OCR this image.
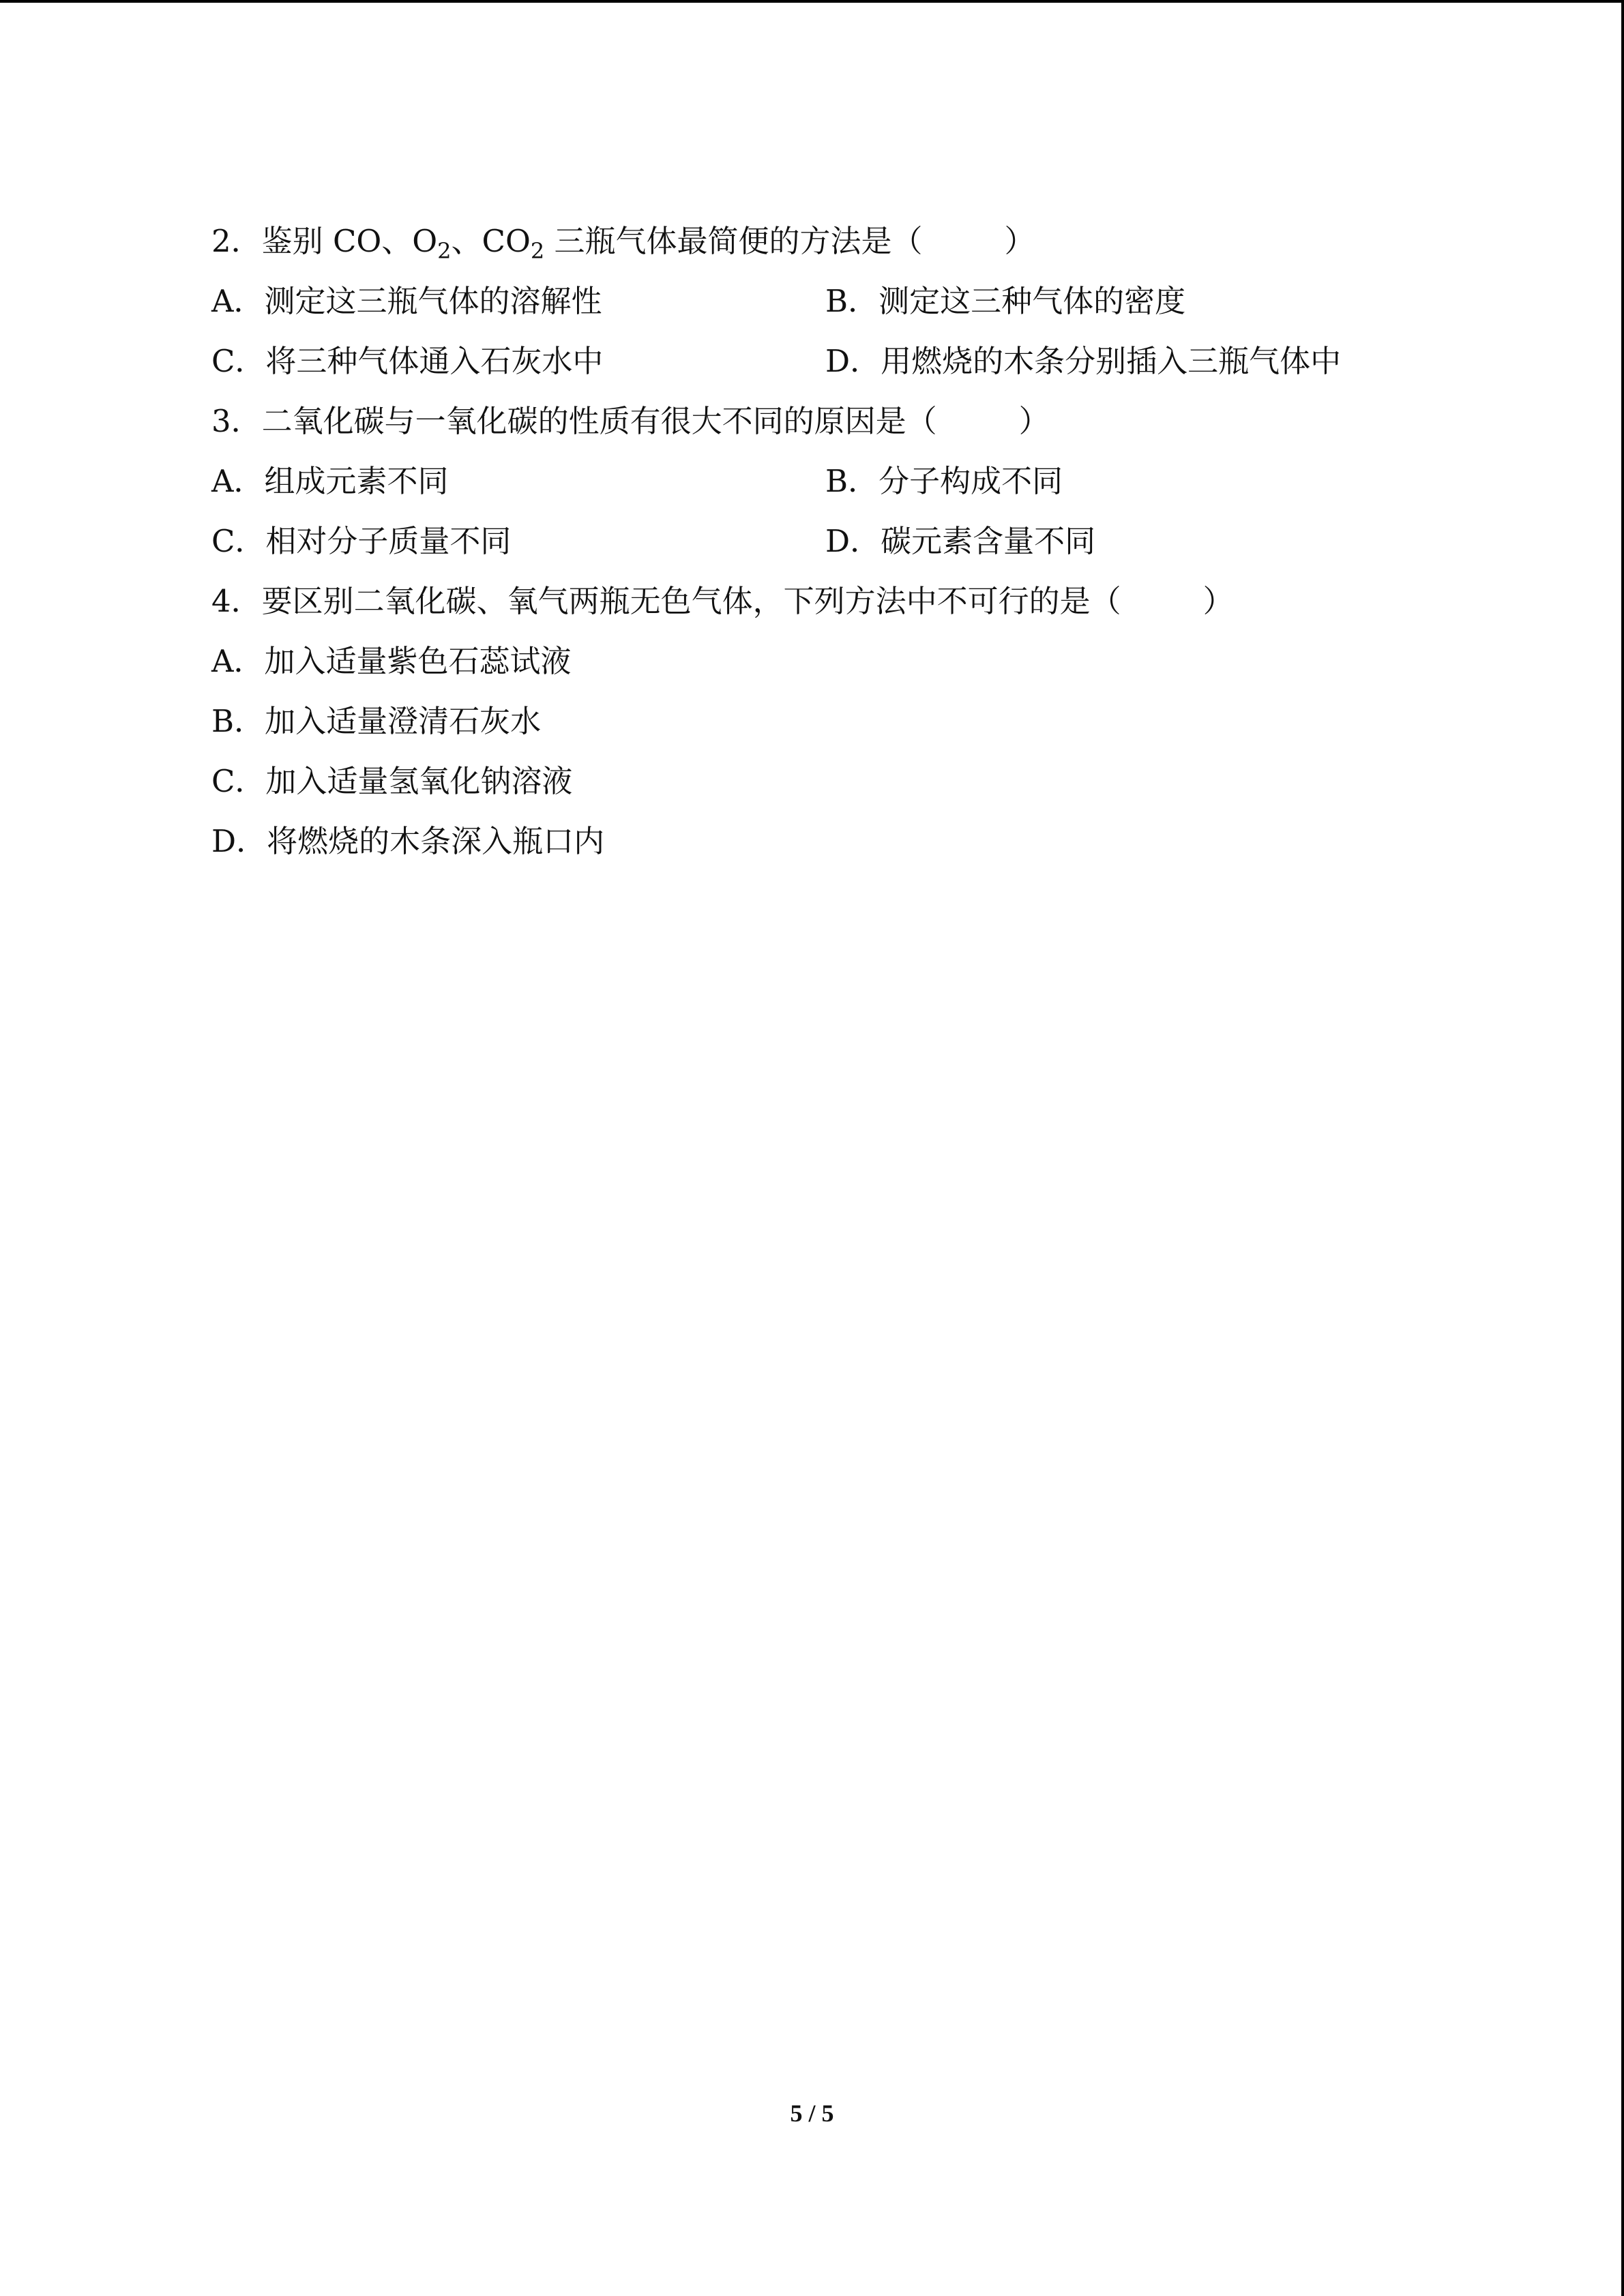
2．鉴别 CO、$O_2$、$CO_2$ 三瓶气体最简便的方法是（	）
A．测定这三瓶气体的溶解性	B．测定这三种气体的密度
C．将三种气体通入石灰水中	D．用燃烧的木条分别插入三瓶气体中
3．二氧化碳与一氧化碳的性质有很大不同的原因是（	）
A．组成元素不同	B．分子构成不同
C．相对分子质量不同	D．碳元素含量不同
4．要区别二氧化碳、氧气两瓶无色气体，下列方法中不可行的是（	）
A．加入适量紫色石蕊试液
B．加入适量澄清石灰水
C．加入适量氢氧化钠溶液
D．将燃烧的木条深入瓶口内
5 / 5
